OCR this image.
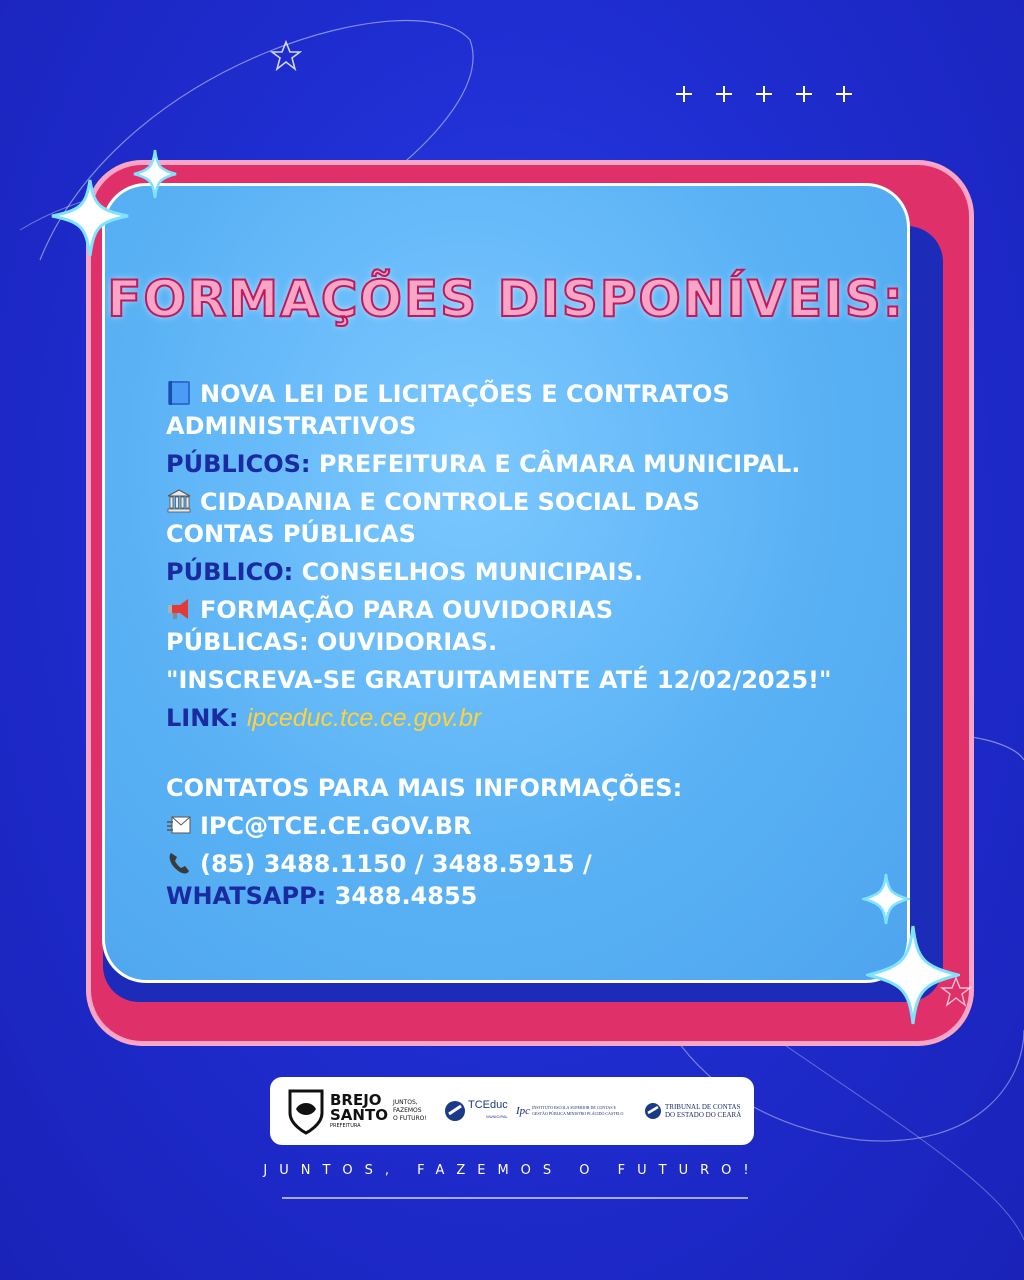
FORMAÇÕES DISPONÍVEIS:
NOVA LEI DE LICITAÇÕES E CONTRATOS
ADMINISTRATIVOS
PÚBLICOS: PREFEITURA E CÂMARA MUNICIPAL.
CIDADANIA E CONTROLE SOCIAL DAS
CONTAS PÚBLICAS
PÚBLICO: CONSELHOS MUNICIPAIS.
FORMAÇÃO PARA OUVIDORIAS
PÚBLICAS: OUVIDORIAS.
"INSCREVA-SE GRATUITAMENTE ATÉ 12/02/2025!"
LINK: ipceduc.tce.ce.gov.br
CONTATOS PARA MAIS INFORMAÇÕES:
IPC@TCE.CE.GOV.BR
(85) 3488.1150 / 3488.5915 /
WHATSAPP: 3488.4855
BREJO
SANTO
PREFEITURA
JUNTOS,
FAZEMOS
O FUTURO!
TCEduc
MUNICIPAL Ipc INSTITUTO ESCOLA SUPERIOR DE CONTAS E
GESTÃO PÚBLICA MINISTRO PLÁCIDO CASTELO
TRIBUNAL DE CONTAS
DO ESTADO DO CEARÁ
JUNTOS, FAZEMOS O FUTURO!
